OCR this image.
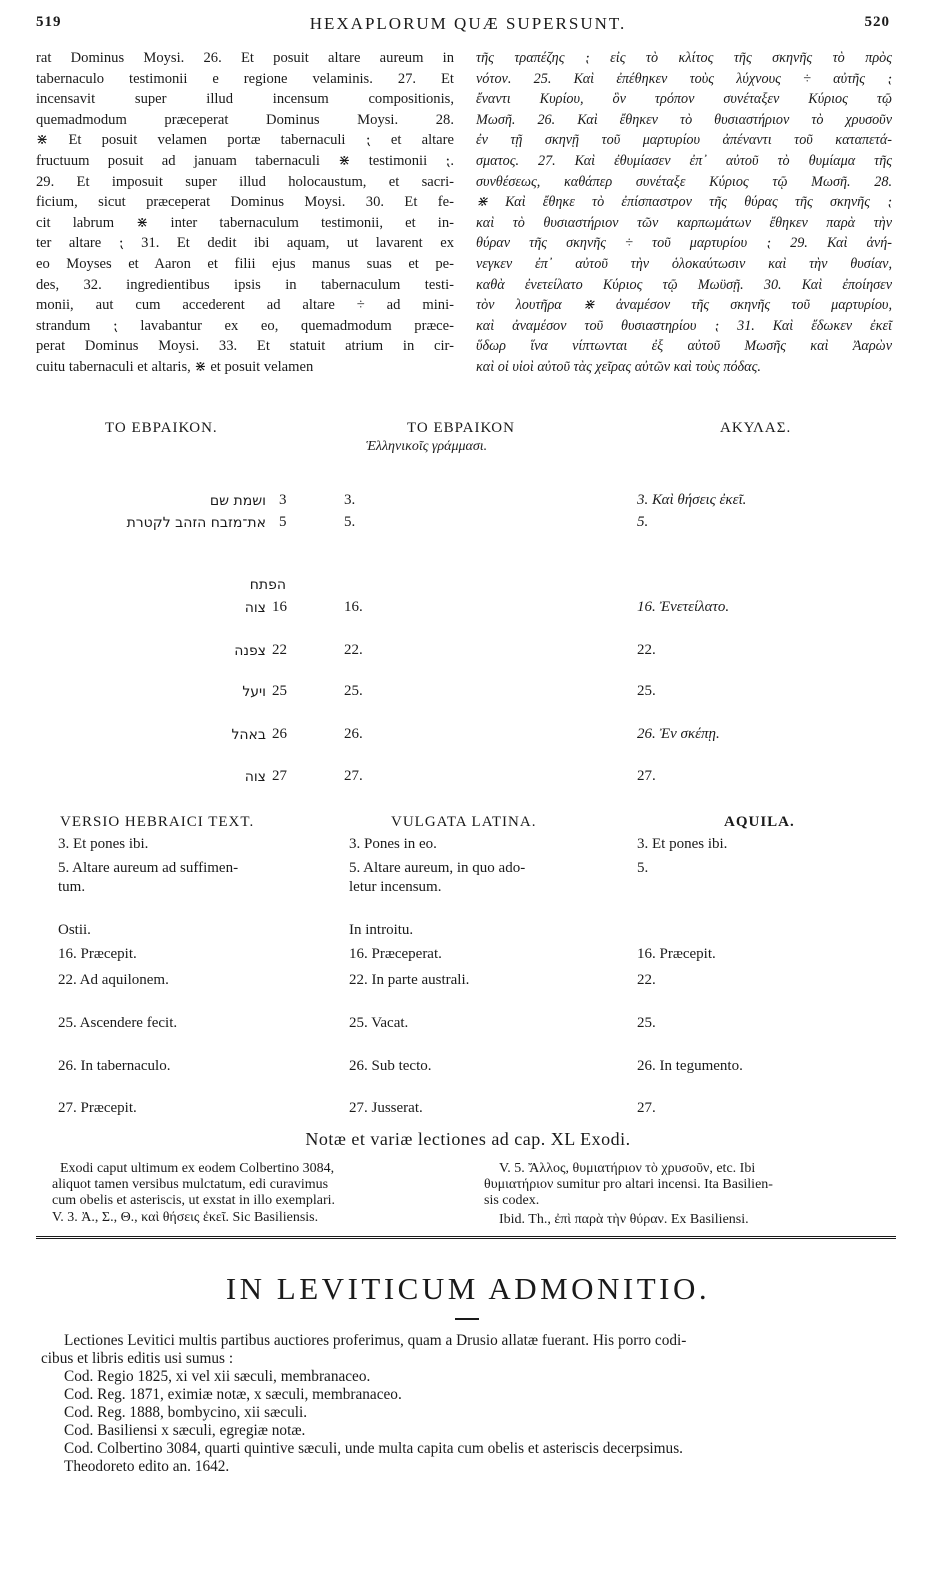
519	HEXAPLORUM QUÆ SUPERSUNT.	520
rat Dominus Moysi. 26. Et posuit altare aureum in
tabernaculo testimonii e regione velaminis. 27. Et
incensavit super illud incensum compositionis,
quemadmodum præceperat Dominus Moysi. 28.
⋇ Et posuit velamen portæ tabernaculi ⁏ et altare
fructuum posuit ad januam tabernaculi ⋇ testimonii ⁏.
29. Et imposuit super illud holocaustum, et sacri-
ficium, sicut præceperat Dominus Moysi. 30. Et fe-
cit labrum ⋇ inter tabernaculum testimonii, et in-
ter altare ⁏ 31. Et dedit ibi aquam, ut lavarent ex
eo Moyses et Aaron et filii ejus manus suas et pe-
des, 32. ingredientibus ipsis in tabernaculum testi-
monii, aut cum accederent ad altare ÷ ad mini-
strandum ⁏ lavabantur ex eo, quemadmodum præce-
perat Dominus Moysi. 33. Et statuit atrium in cir-
cuitu tabernaculi et altaris, ⋇ et posuit velamen
τῆς τραπέζης ⁏ εἰς τὸ κλίτος τῆς σκηνῆς τὸ πρὸς
νότον. 25. Καὶ ἐπέθηκεν τοὺς λύχνους ÷ αὐτῆς ⁏
ἔναντι Κυρίου, ὃν τρόπον συνέταξεν Κύριος τῷ
Μωσῆ. 26. Καὶ ἔθηκεν τὸ θυσιαστήριον τὸ χρυσοῦν
ἐν τῇ σκηνῇ τοῦ μαρτυρίου ἀπέναντι τοῦ καταπετά-
σματος. 27. Καὶ ἐθυμίασεν ἐπ᾽ αὐτοῦ τὸ θυμίαμα τῆς
συνθέσεως, καθάπερ συνέταξε Κύριος τῷ Μωσῆ. 28.
⋇ Καὶ ἔθηκε τὸ ἐπίσπαστρον τῆς θύρας τῆς σκηνῆς ⁏
καὶ τὸ θυσιαστήριον τῶν καρπωμάτων ἔθηκεν παρὰ τὴν
θύραν τῆς σκηνῆς ÷ τοῦ μαρτυρίου ⁏ 29. Καὶ ἀνή-
νεγκεν ἐπ᾽ αὐτοῦ τὴν ὁλοκαύτωσιν καὶ τὴν θυσίαν,
καθὰ ἐνετείλατο Κύριος τῷ Μωϋσῇ. 30. Καὶ ἐποίησεν
τὸν λουτῆρα ⋇ ἀναμέσον τῆς σκηνῆς τοῦ μαρτυρίου,
καὶ ἀναμέσον τοῦ θυσιαστηρίου ⁏ 31. Καὶ ἔδωκεν ἐκεῖ
ὕδωρ ἵνα νίπτωνται ἐξ αὐτοῦ Μωσῆς καὶ Ἀαρὼν
καὶ οἱ υἱοὶ αὐτοῦ τὰς χεῖρας αὐτῶν καὶ τοὺς πόδας.
ΤΟ ΕΒΡΑΙΚΟΝ.	ΤΟ ΕΒΡΑΙΚΟΝ	ΑΚΥΛΑΣ.
Ἑλληνικοῖς γράμμασι.
ושמת שם 3	3.	3. Καὶ θήσεις ἐκεῖ.
את־מזבח הזהב לקטרת 5	5.	5.
הפתח
צוה 16	16.	16. Ἐνετείλατο.
צפנה 22	22.	22.
ויעל 25	25.	25.
באהל 26	26.	26. Ἐν σκέπῃ.
צוה 27	27.	27.
VERSIO HEBRAICI TEXT.	VULGATA LATINA.	AQUILA.
3. Et pones ibi.	3. Pones in eo.	3. Et pones ibi.
5. Altare aureum ad suffimen-	5. Altare aureum, in quo ado-	5.
tum.	letur incensum.
Ostii.	In introitu.
16. Præcepit.	16. Præceperat.	16. Præcepit.
22. Ad aquilonem.	22. In parte australi.	22.
25. Ascendere fecit.	25. Vacat.	25.
26. In tabernaculo.	26. Sub tecto.	26. In tegumento.
27. Præcepit.	27. Jusserat.	27.
Notæ et variæ lectiones ad cap. XL Exodi.
Exodi caput ultimum ex eodem Colbertino 3084,
aliquot tamen versibus mulctatum, edi curavimus
cum obelis et asteriscis, ut exstat in illo exemplari.
V. 3. Ἀ., Σ., Θ., καὶ θήσεις ἐκεῖ. Sic Basiliensis.
V. 5. Ἄλλος, θυμιατήριον τὸ χρυσοῦν, etc. Ibi
θυμιατήριον sumitur pro altari incensi. Ita Basilien-
sis codex.
Ibid. Th., ἐπὶ παρὰ τὴν θύραν. Ex Basiliensi.
IN LEVITICUM ADMONITIO.
Lectiones Levitici multis partibus auctiores proferimus, quam a Drusio allatæ fuerant. His porro codi-
cibus et libris editis usi sumus :
Cod. Regio 1825, xi vel xii sæculi, membranaceo.
Cod. Reg. 1871, eximiæ notæ, x sæculi, membranaceo.
Cod. Reg. 1888, bombycino, xii sæculi.
Cod. Basiliensi x sæculi, egregiæ notæ.
Cod. Colbertino 3084, quarti quintive sæculi, unde multa capita cum obelis et asteriscis decerpsimus.
Theodoreto edito an. 1642.
